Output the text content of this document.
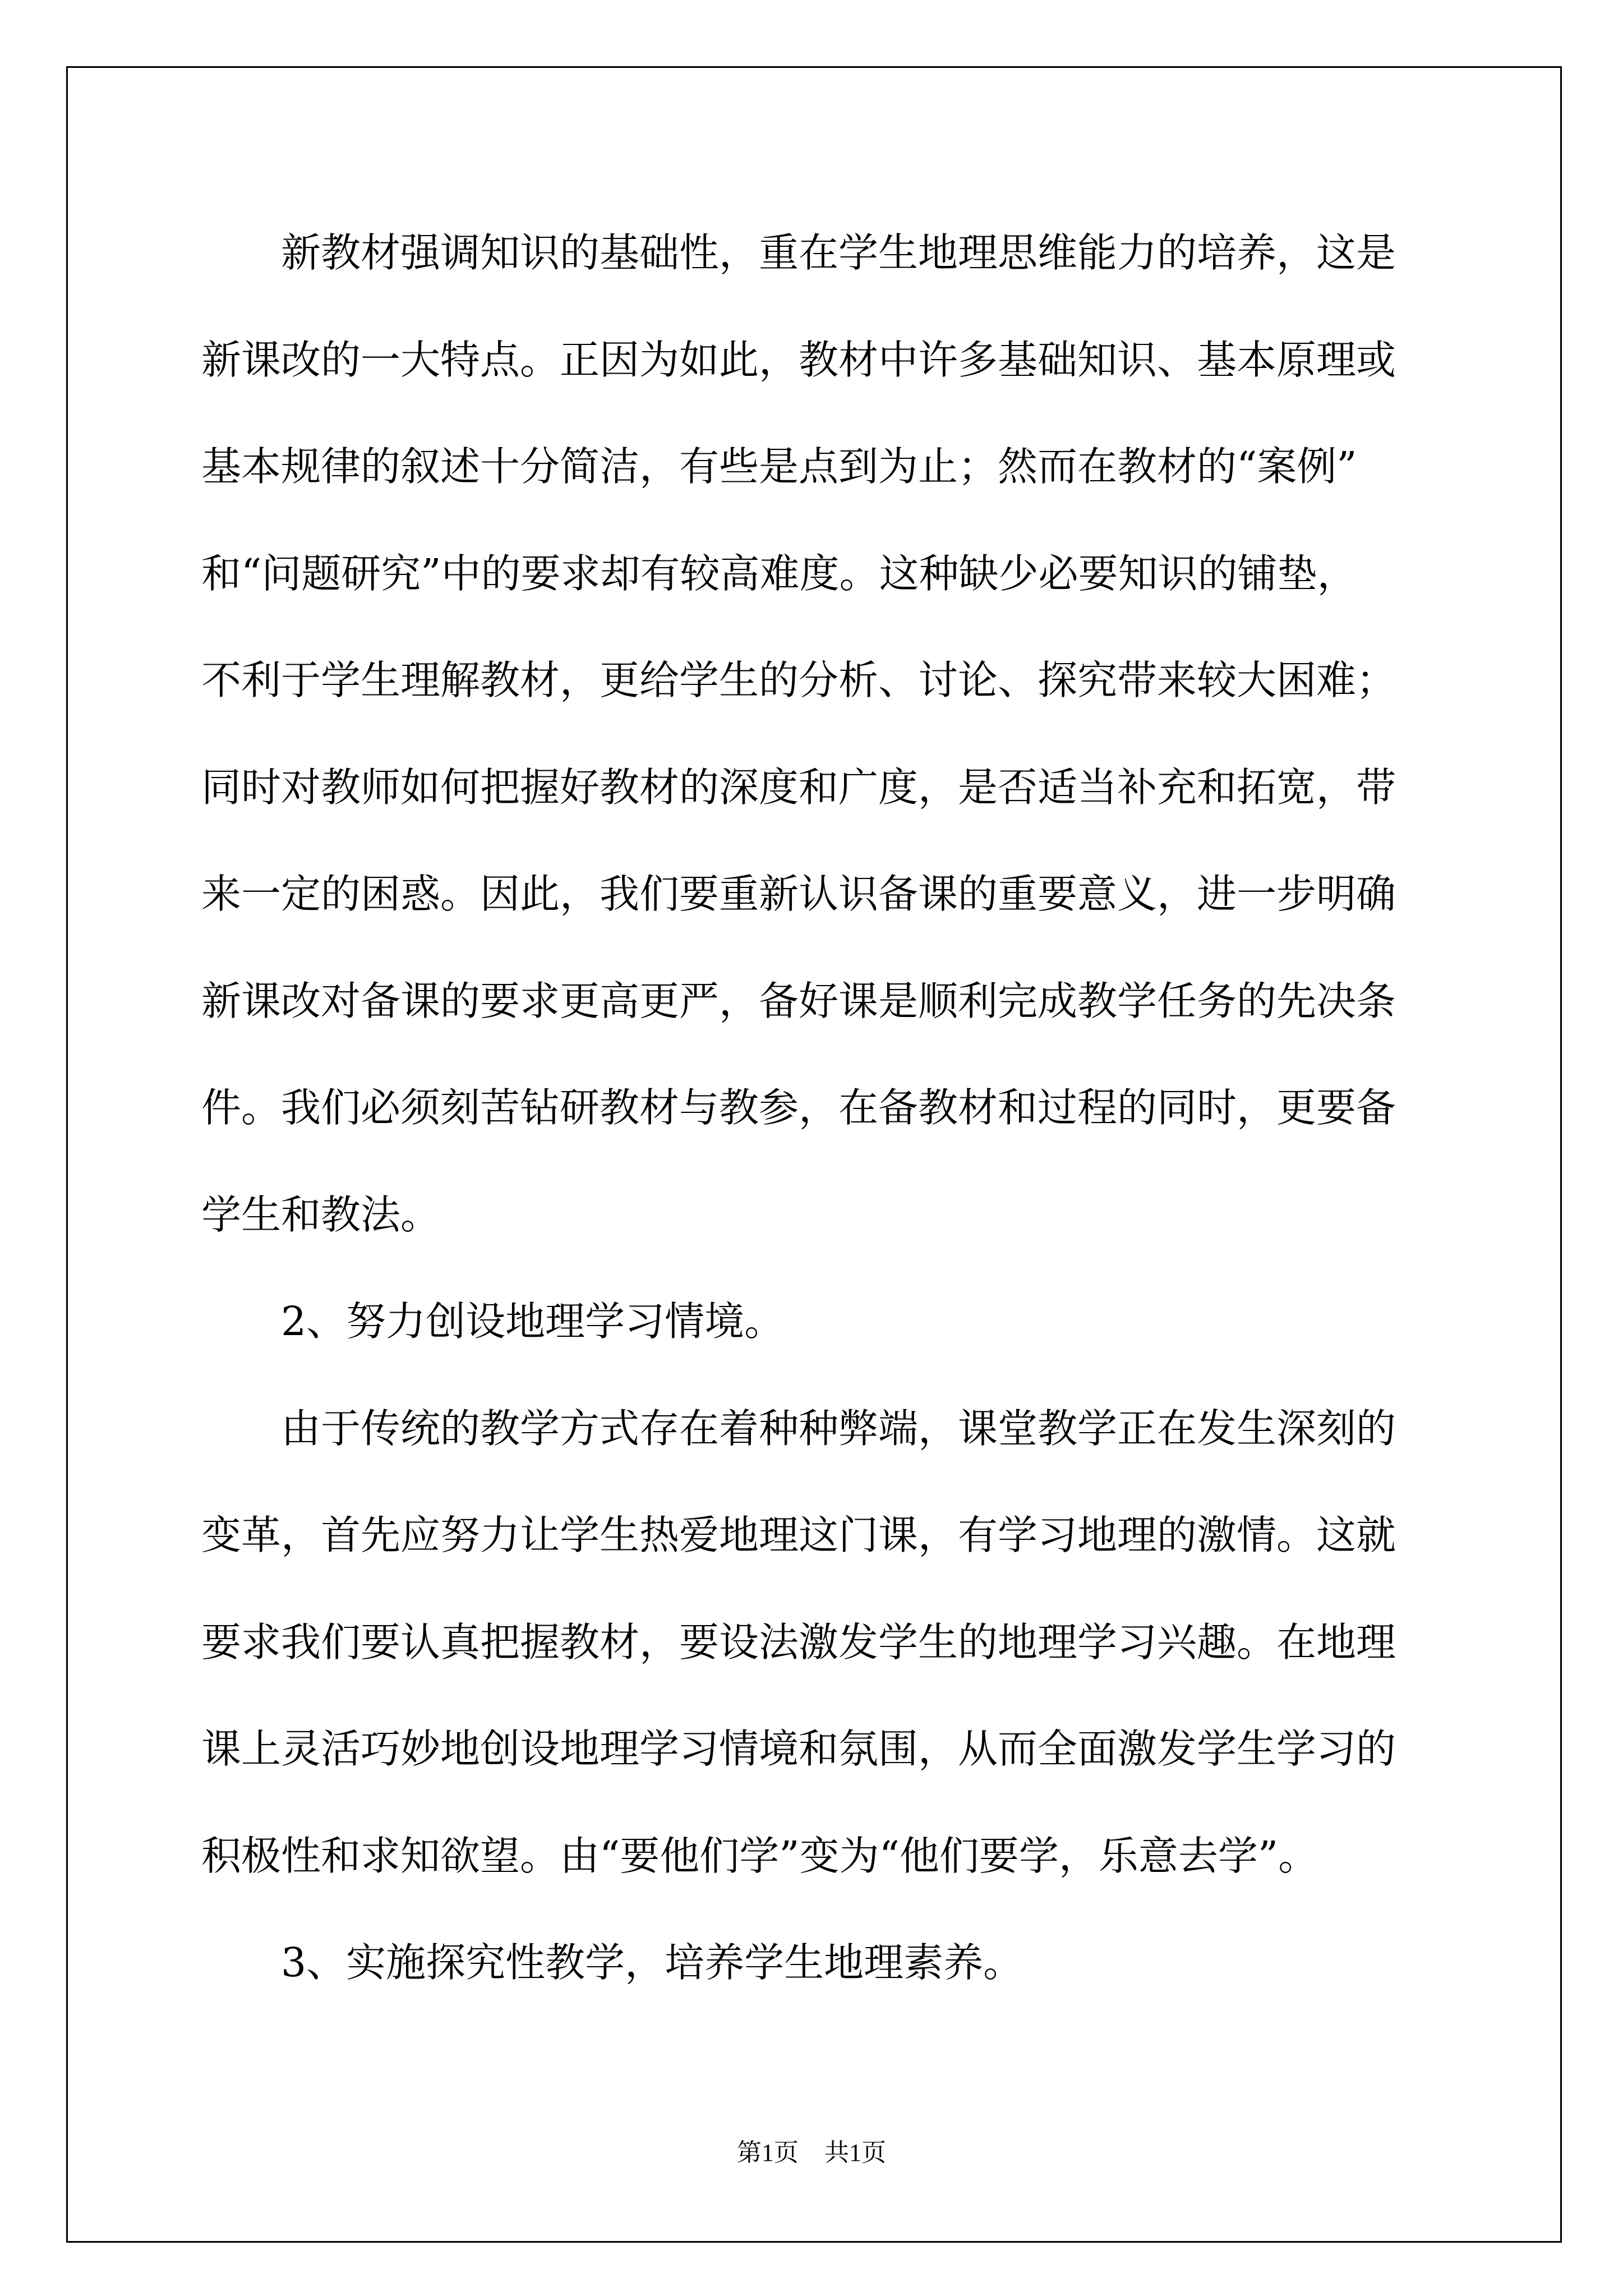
新教材强调知识的基础性，重在学生地理思维能力的培养，这是
新课改的一大特点。正因为如此，教材中许多基础知识、基本原理或
基本规律的叙述十分简洁，有些是点到为止；然而在教材的“案例”
和“问题研究”中的要求却有较高难度。这种缺少必要知识的铺垫，
不利于学生理解教材，更给学生的分析、讨论、探究带来较大困难；
同时对教师如何把握好教材的深度和广度，是否适当补充和拓宽，带
来一定的困惑。因此，我们要重新认识备课的重要意义，进一步明确
新课改对备课的要求更高更严，备好课是顺利完成教学任务的先决条
件。我们必须刻苦钻研教材与教参，在备教材和过程的同时，更要备
学生和教法。
2、努力创设地理学习情境。
由于传统的教学方式存在着种种弊端，课堂教学正在发生深刻的
变革，首先应努力让学生热爱地理这门课，有学习地理的激情。这就
要求我们要认真把握教材，要设法激发学生的地理学习兴趣。在地理
课上灵活巧妙地创设地理学习情境和氛围，从而全面激发学生学习的
积极性和求知欲望。由“要他们学”变为“他们要学，乐意去学”。
3、实施探究性教学，培养学生地理素养。
第1页 共1页
